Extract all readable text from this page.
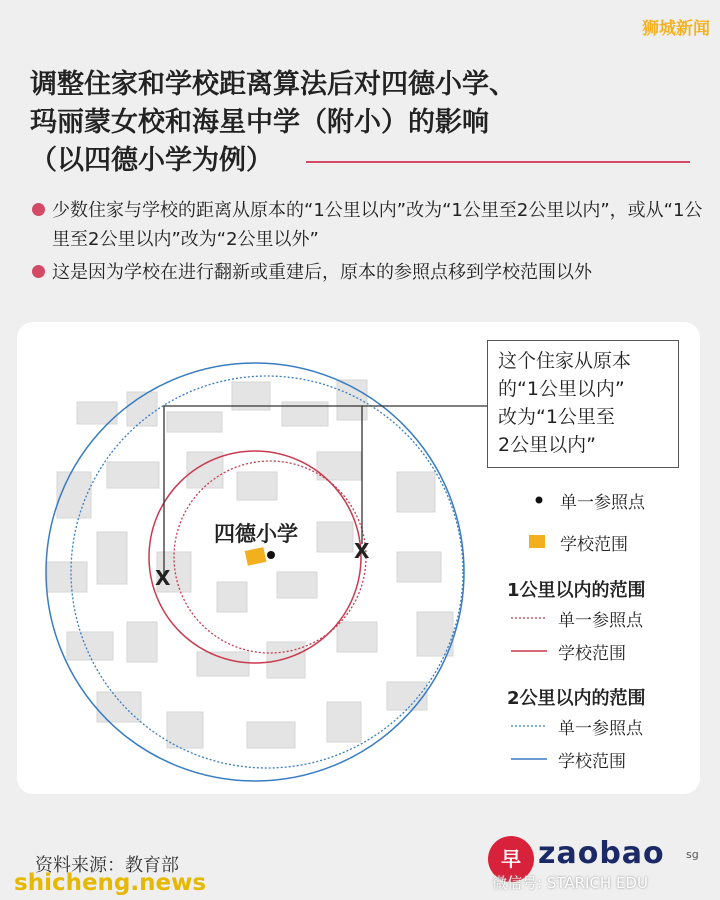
狮城新闻
调整住家和学校距离算法后对四德小学、
玛丽蒙女校和海星中学（附小）的影响
（以四德小学为例）
少数住家与学校的距离从原本的“1公里以内”改为“1公里至2公里以内”，或从“1公里至2公里以内”改为“2公里以外”
这是因为学校在进行翻新或重建后，原本的参照点移到学校范围以外
四德小学
X
X
这个住家从原本
的“1公里以内”
改为“1公里至
2公里以内”
单一参照点
学校范围
1公里以内的范围
单一参照点
学校范围
2公里以内的范围
单一参照点
学校范围
资料来源：教育部
shicheng.news
早 zaobao sg
微信号: STARICH EDU
